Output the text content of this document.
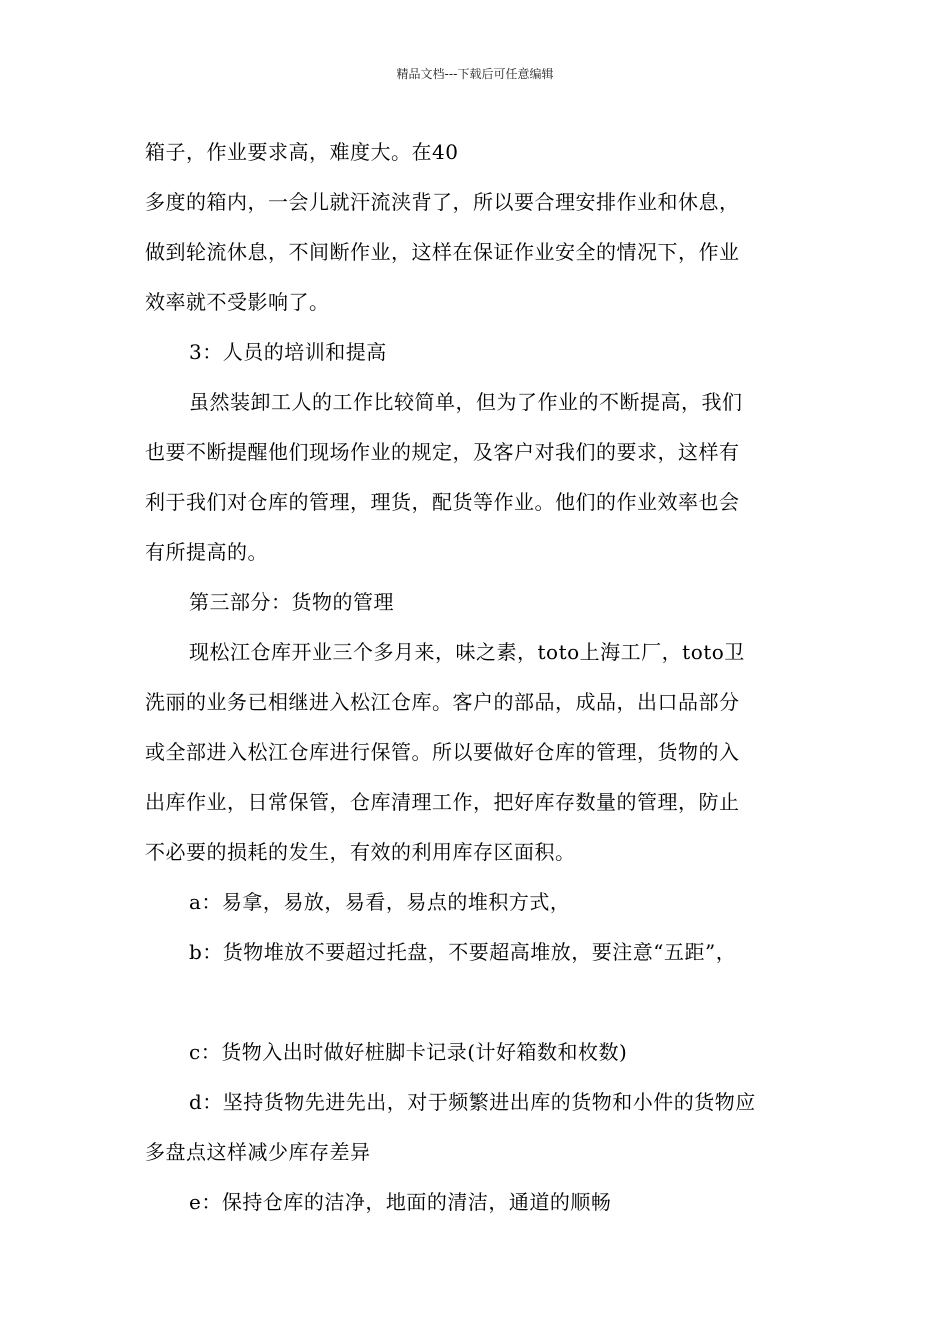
精品文档---下载后可任意编辑
箱子，作业要求高，难度大。在40
多度的箱内，一会儿就汗流浃背了，所以要合理安排作业和休息，
做到轮流休息，不间断作业，这样在保证作业安全的情况下，作业
效率就不受影响了。
3：人员的培训和提高
虽然装卸工人的工作比较简单，但为了作业的不断提高，我们
也要不断提醒他们现场作业的规定，及客户对我们的要求，这样有
利于我们对仓库的管理，理货，配货等作业。他们的作业效率也会
有所提高的。
第三部分：货物的管理
现松江仓库开业三个多月来，味之素，toto上海工厂，toto卫
洗丽的业务已相继进入松江仓库。客户的部品，成品，出口品部分
或全部进入松江仓库进行保管。所以要做好仓库的管理，货物的入
出库作业，日常保管，仓库清理工作，把好库存数量的管理，防止
不必要的损耗的发生，有效的利用库存区面积。
a：易拿，易放，易看，易点的堆积方式，
b：货物堆放不要超过托盘，不要超高堆放，要注意“五距”，
c：货物入出时做好桩脚卡记录(计好箱数和枚数)
d：坚持货物先进先出，对于频繁进出库的货物和小件的货物应
多盘点这样减少库存差异
e：保持仓库的洁净，地面的清洁，通道的顺畅
